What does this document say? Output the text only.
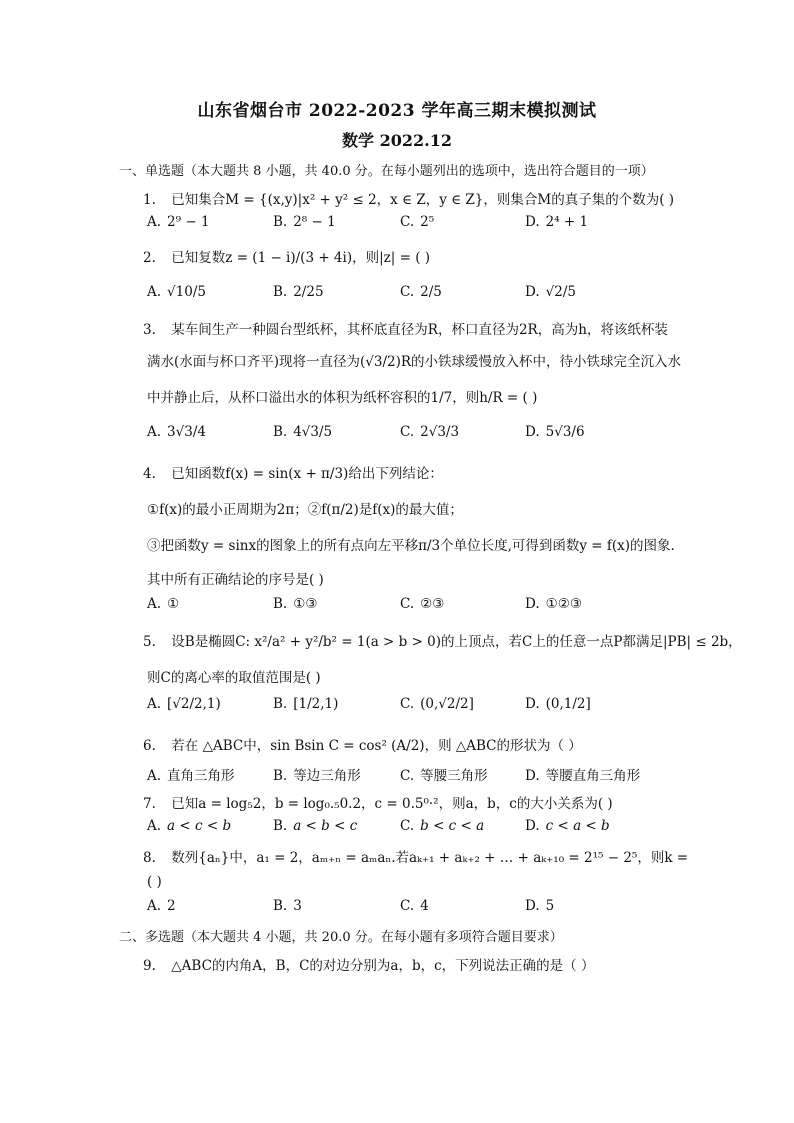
山东省烟台市 2022-2023 学年高三期末模拟测试
数学 2022.12
一、单选题（本大题共 8 小题，共 40.0 分。在每小题列出的选项中，选出符合题目的一项）
1. 已知集合M = {(x,y)|x² + y² ≤ 2，x ∈ Z，y ∈ Z}，则集合M的真子集的个数为( )
A. 2⁹ − 1	B. 2⁸ − 1	C. 2⁵	D. 2⁴ + 1
2. 已知复数z = (1 − i)/(3 + 4i)，则|z| = ( )
A. √10/5	B. 2/25	C. 2/5	D. √2/5
3. 某车间生产一种圆台型纸杯，其杯底直径为R，杯口直径为2R，高为h，将该纸杯装
满水(水面与杯口齐平)现将一直径为(√3/2)R的小铁球缓慢放入杯中，待小铁球完全沉入水
中并静止后，从杯口溢出水的体积为纸杯容积的1/7，则h/R = ( )
A. 3√3/4	B. 4√3/5	C. 2√3/3	D. 5√3/6
4. 已知函数f(x) = sin(x + π/3)给出下列结论：
①f(x)的最小正周期为2π；②f(π/2)是f(x)的最大值；
③把函数y = sinx的图象上的所有点向左平移π/3个单位长度,可得到函数y = f(x)的图象.
其中所有正确结论的序号是( )
A. ①	B. ①③	C. ②③	D. ①②③
5. 设B是椭圆C: x²/a² + y²/b² = 1(a > b > 0)的上顶点，若C上的任意一点P都满足|PB| ≤ 2b，
则C的离心率的取值范围是( )
A. [√2/2,1)	B. [1/2,1)	C. (0,√2/2]	D. (0,1/2]
6. 若在 △ABC中，sin Bsin C = cos² (A/2)，则 △ABC的形状为（ ）
A. 直角三角形	B. 等边三角形	C. 等腰三角形	D. 等腰直角三角形
7. 已知a = log₅2，b = log₀.₅0.2，c = 0.5⁰·²，则a，b，c的大小关系为( )
A. a < c < b	B. a < b < c	C. b < c < a	D. c < a < b
8. 数列{aₙ}中，a₁ = 2，aₘ₊ₙ = aₘaₙ.若aₖ₊₁ + aₖ₊₂ + … + aₖ₊₁₀ = 2¹⁵ − 2⁵，则k =
( )
A. 2	B. 3	C. 4	D. 5
二、多选题（本大题共 4 小题，共 20.0 分。在每小题有多项符合题目要求）
9. △ABC的内角A，B，C的对边分别为a，b，c，下列说法正确的是（ ）
